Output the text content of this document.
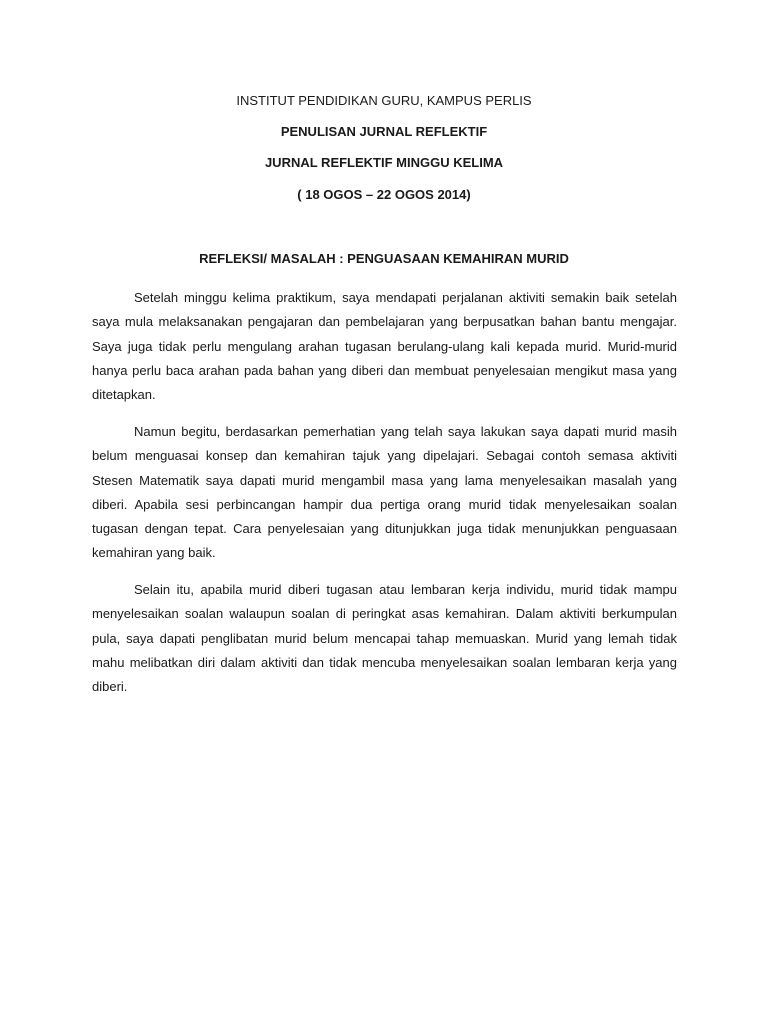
INSTITUT PENDIDIKAN GURU, KAMPUS PERLIS
PENULISAN JURNAL REFLEKTIF
JURNAL REFLEKTIF MINGGU KELIMA
( 18 OGOS – 22 OGOS 2014)
REFLEKSI/ MASALAH : PENGUASAAN KEMAHIRAN MURID

Setelah minggu kelima praktikum, saya mendapati perjalanan aktiviti semakin baik setelah saya mula melaksanakan pengajaran dan pembelajaran yang berpusatkan bahan bantu mengajar. Saya juga tidak perlu mengulang arahan tugasan berulang-ulang kali kepada murid. Murid-murid hanya perlu baca arahan pada bahan yang diberi dan membuat penyelesaian mengikut masa yang ditetapkan.

Namun begitu, berdasarkan pemerhatian yang telah saya lakukan saya dapati murid masih belum menguasai konsep dan kemahiran tajuk yang dipelajari. Sebagai contoh semasa aktiviti Stesen Matematik saya dapati murid mengambil masa yang lama menyelesaikan masalah yang diberi. Apabila sesi perbincangan hampir dua pertiga orang murid tidak menyelesaikan soalan tugasan dengan tepat. Cara penyelesaian yang ditunjukkan juga tidak menunjukkan penguasaan kemahiran yang baik.

Selain itu, apabila murid diberi tugasan atau lembaran kerja individu, murid tidak mampu menyelesaikan soalan walaupun soalan di peringkat asas kemahiran. Dalam aktiviti berkumpulan pula, saya dapati penglibatan murid belum mencapai tahap memuaskan. Murid yang lemah tidak mahu melibatkan diri dalam aktiviti dan tidak mencuba menyelesaikan soalan lembaran kerja yang diberi.
